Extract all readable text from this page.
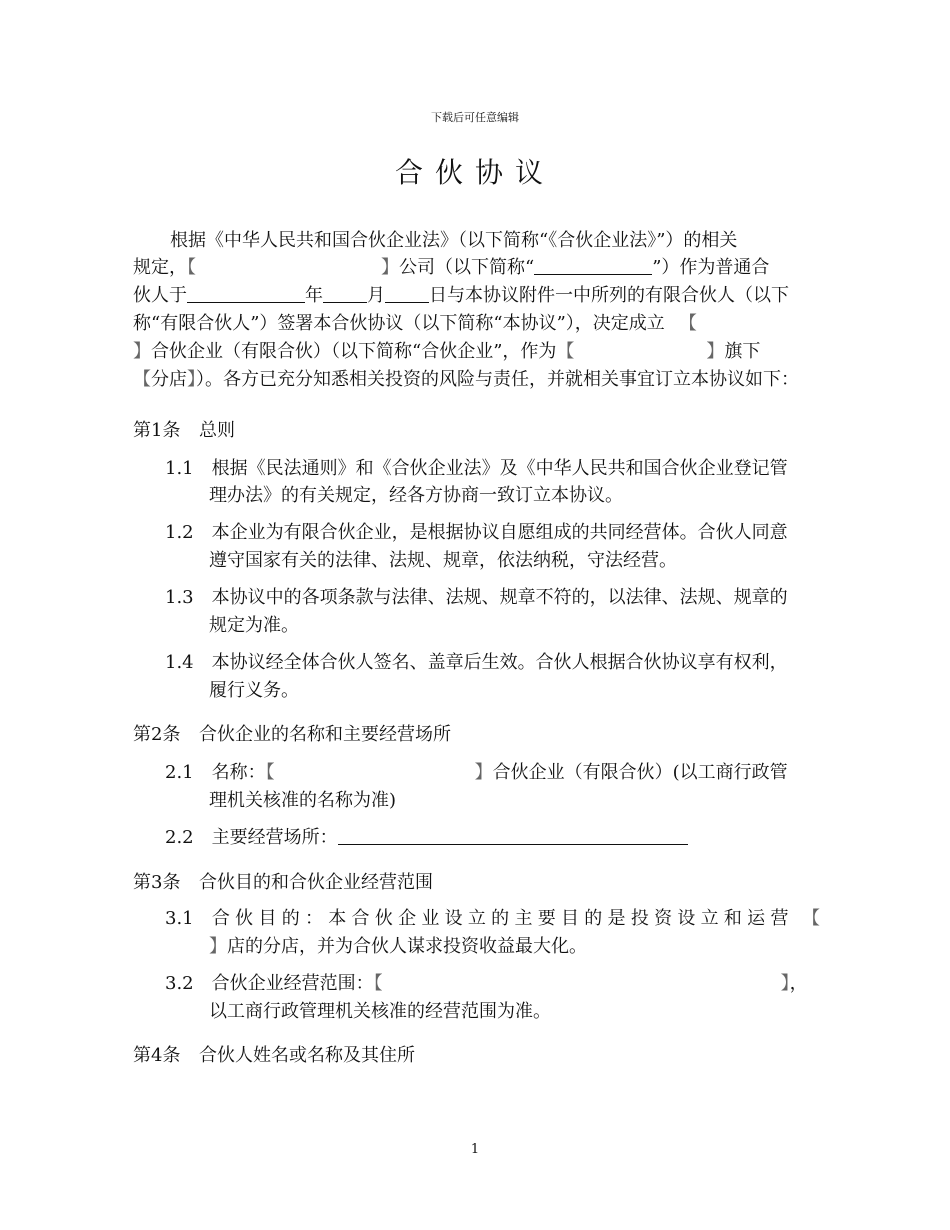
下载后可任意编辑
合伙协议
根据《中华人民共和国合伙企业法》（以下简称“《合伙企业法》”）的相关
规定，【	】公司（以下简称“	”）作为普通合
伙人于	年 月 日与本协议附件一中所列的有限合伙人（以下
称“有限合伙人”）签署本合伙协议（以下简称“本协议”），决定成立 【
】合伙企业（有限合伙）（以下简称“合伙企业”，作为【	】旗下
【分店】）。各方已充分知悉相关投资的风险与责任，并就相关事宜订立本协议如下：
第1条 总则
1.1 根据《民法通则》和《合伙企业法》及《中华人民共和国合伙企业登记管
理办法》的有关规定，经各方协商一致订立本协议。
1.2 本企业为有限合伙企业，是根据协议自愿组成的共同经营体。合伙人同意
遵守国家有关的法律、法规、规章，依法纳税，守法经营。
1.3 本协议中的各项条款与法律、法规、规章不符的，以法律、法规、规章的
规定为准。
1.4 本协议经全体合伙人签名、盖章后生效。合伙人根据合伙协议享有权利，
履行义务。
第2条 合伙企业的名称和主要经营场所
2.1 名称：【	】合伙企业（有限合伙）(以工商行政管
理机关核准的名称为准)
2.2 主要经营场所：
第3条 合伙目的和合伙企业经营范围
3.1 合伙目的：本合伙企业设立的主要目的是投资设立和运营 【
】店的分店，并为合伙人谋求投资收益最大化。
3.2 合伙企业经营范围：【	】，
以工商行政管理机关核准的经营范围为准。
第4条 合伙人姓名或名称及其住所
1
